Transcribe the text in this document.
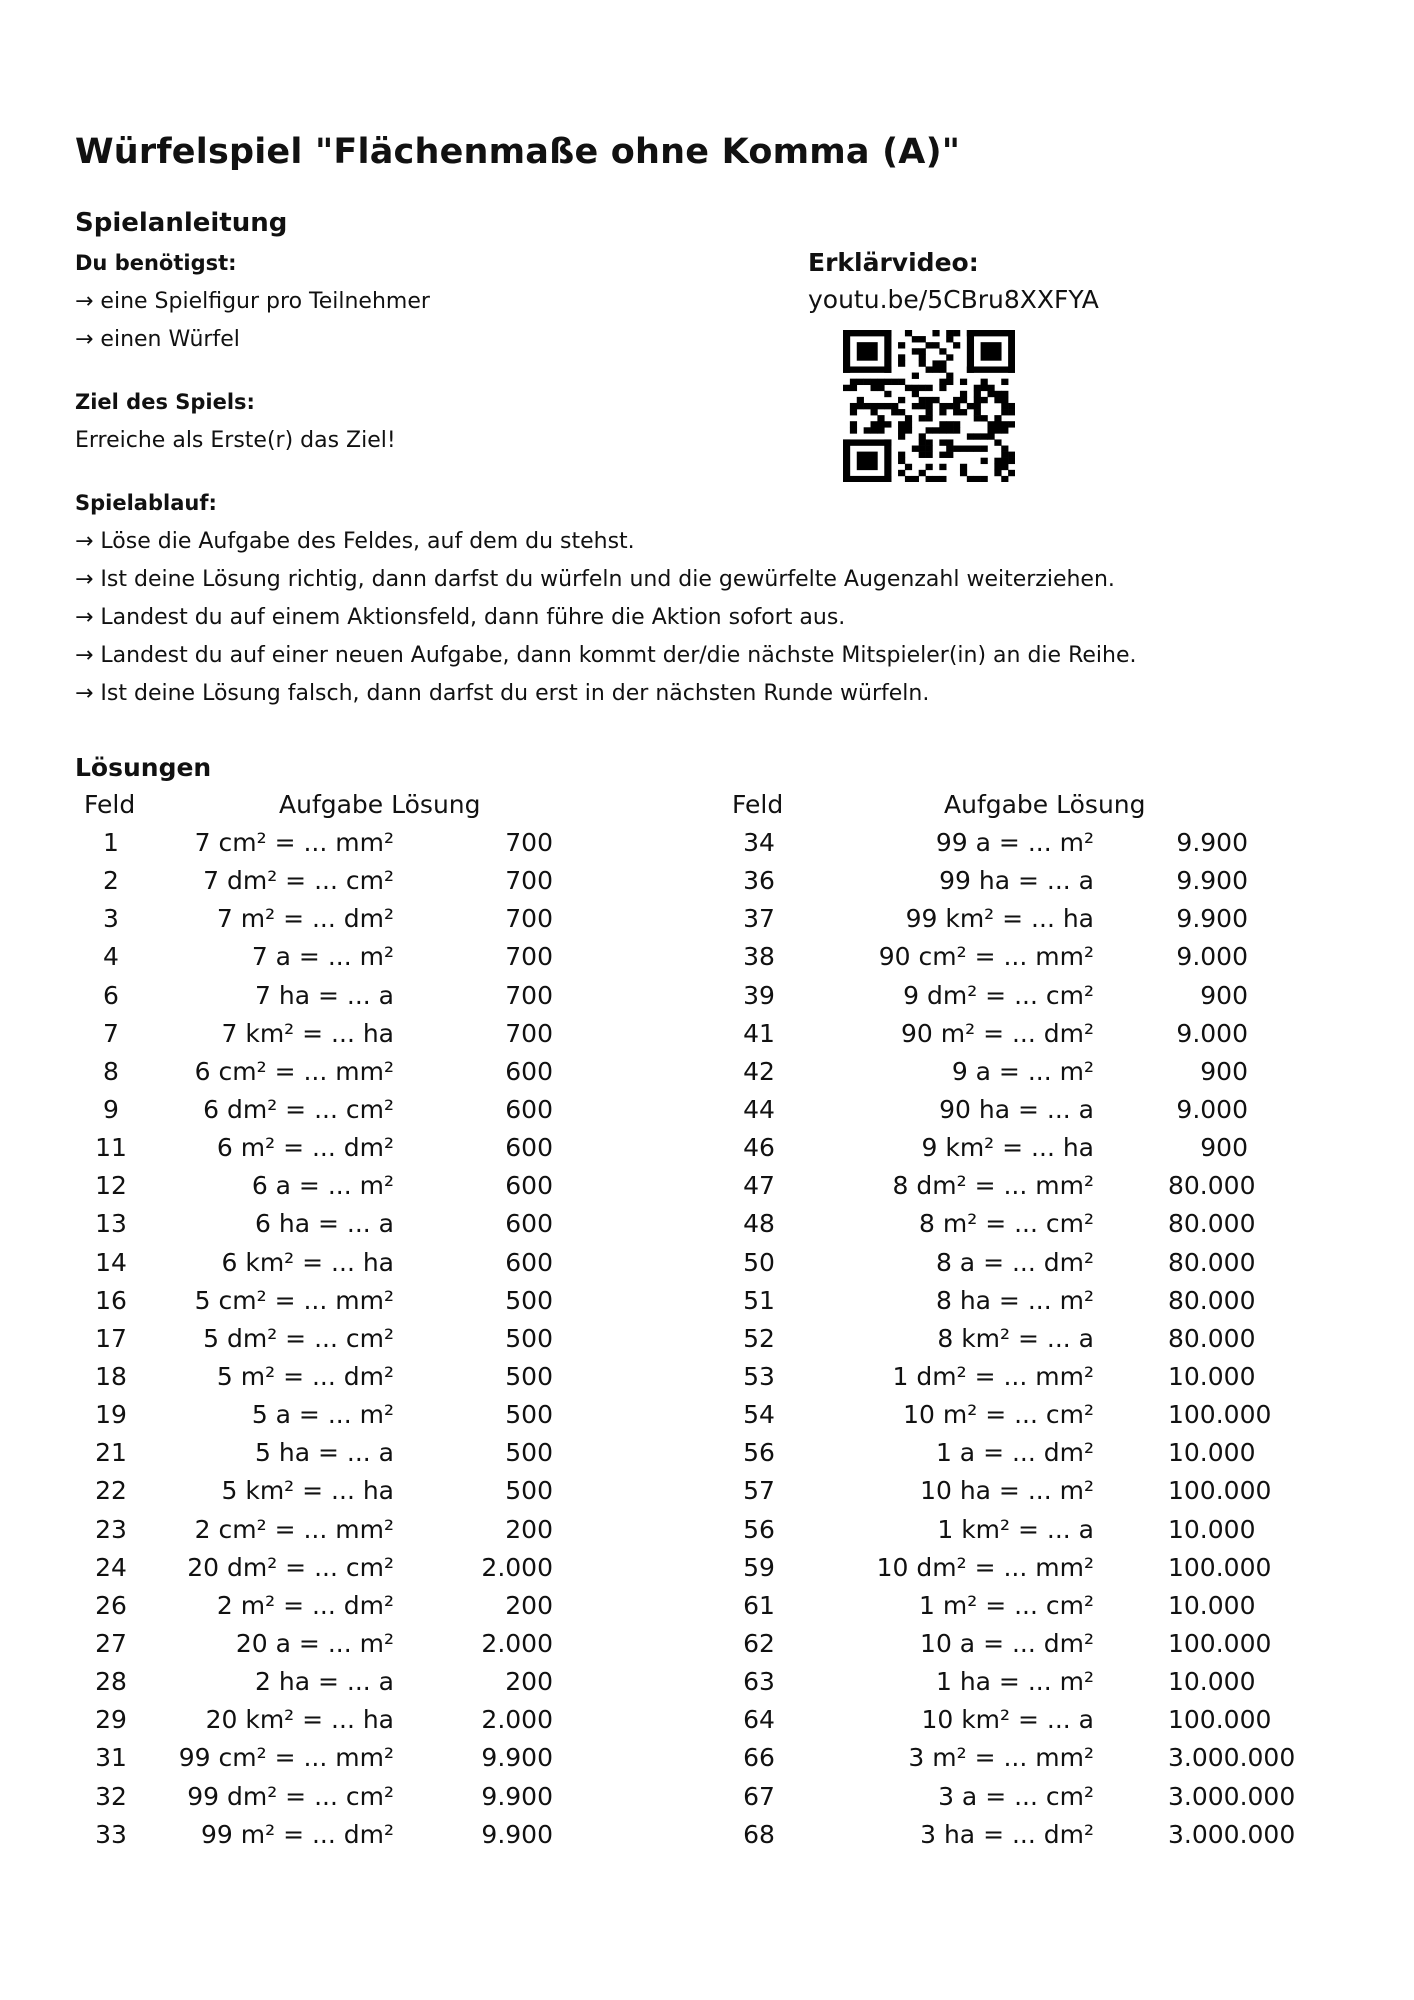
Würfelspiel "Flächenmaße ohne Komma (A)"
Spielanleitung
Du benötigst:
→ eine Spielfigur pro Teilnehmer
→ einen Würfel
Ziel des Spiels:
Erreiche als Erste(r) das Ziel!
Spielablauf:
→ Löse die Aufgabe des Feldes, auf dem du stehst.
→ Ist deine Lösung richtig, dann darfst du würfeln und die gewürfelte Augenzahl weiterziehen.
→ Landest du auf einem Aktionsfeld, dann führe die Aktion sofort aus.
→ Landest du auf einer neuen Aufgabe, dann kommt der/die nächste Mitspieler(in) an die Reihe.
→ Ist deine Lösung falsch, dann darfst du erst in der nächsten Runde würfeln.
Erklärvideo:
youtu.be/5CBru8XXFYA
Lösungen
Feld	Aufgabe Lösung
1	7 cm² = ... mm²	700
2	7 dm² = ... cm²	700
3	7 m² = ... dm²	700
4	7 a = ... m²	700
6	7 ha = ... a	700
7	7 km² = ... ha	700
8	6 cm² = ... mm²	600
9	6 dm² = ... cm²	600
11	6 m² = ... dm²	600
12	6 a = ... m²	600
13	6 ha = ... a	600
14	6 km² = ... ha	600
16	5 cm² = ... mm²	500
17	5 dm² = ... cm²	500
18	5 m² = ... dm²	500
19	5 a = ... m²	500
21	5 ha = ... a	500
22	5 km² = ... ha	500
23	2 cm² = ... mm²	200
24	20 dm² = ... cm²	2.000
26	2 m² = ... dm²	200
27	20 a = ... m²	2.000
28	2 ha = ... a	200
29	20 km² = ... ha	2.000
31	99 cm² = ... mm²	9.900
32	99 dm² = ... cm²	9.900
33	99 m² = ... dm²	9.900
Feld	Aufgabe Lösung
34	99 a = ... m²	9.900
36	99 ha = ... a	9.900
37	99 km² = ... ha	9.900
38	90 cm² = ... mm²	9.000
39	9 dm² = ... cm²	900
41	90 m² = ... dm²	9.000
42	9 a = ... m²	900
44	90 ha = ... a	9.000
46	9 km² = ... ha	900
47	8 dm² = ... mm²	80.000
48	8 m² = ... cm²	80.000
50	8 a = ... dm²	80.000
51	8 ha = ... m²	80.000
52	8 km² = ... a	80.000
53	1 dm² = ... mm²	10.000
54	10 m² = ... cm²	100.000
56	1 a = ... dm²	10.000
57	10 ha = ... m²	100.000
56	1 km² = ... a	10.000
59	10 dm² = ... mm²	100.000
61	1 m² = ... cm²	10.000
62	10 a = ... dm²	100.000
63	1 ha = ... m²	10.000
64	10 km² = ... a	100.000
66	3 m² = ... mm²	3.000.000
67	3 a = ... cm²	3.000.000
68	3 ha = ... dm²	3.000.000
